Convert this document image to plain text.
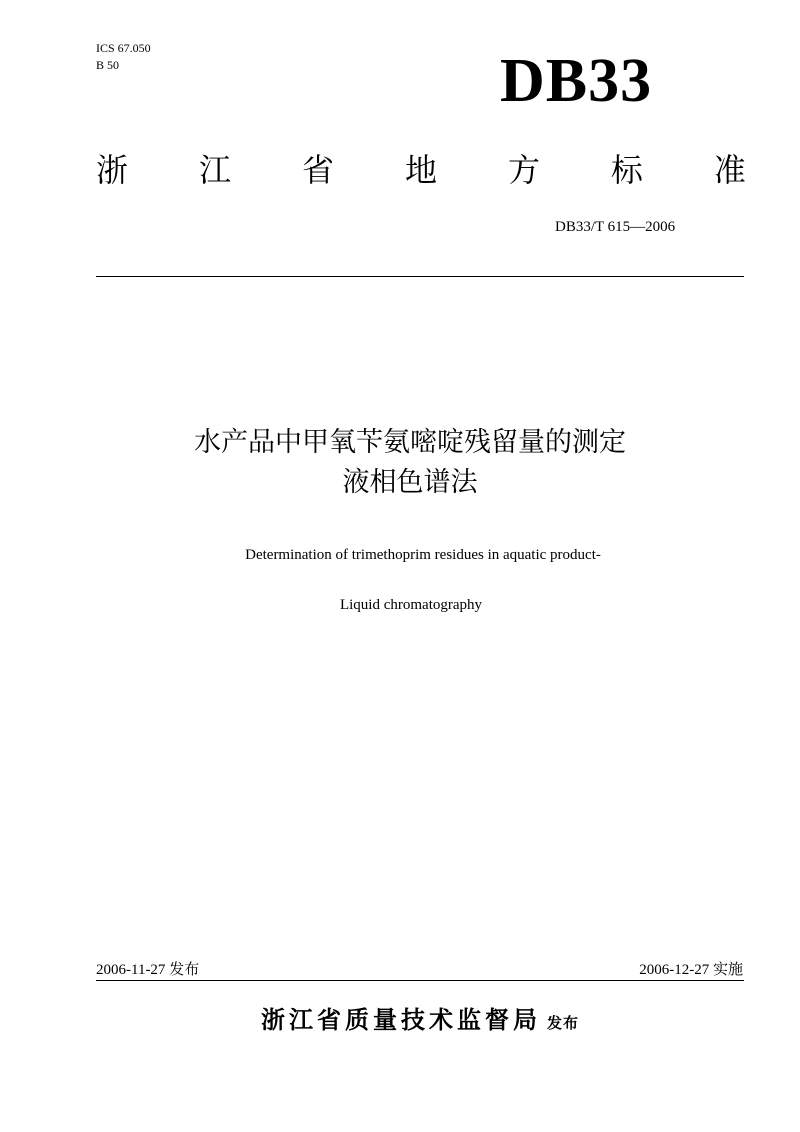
ICS 67.050
B 50	DB33
浙 江 省 地 方 标 准
DB33/T 615—2006
水产品中甲氧苄氨嘧啶残留量的测定
液相色谱法
Determination of trimethoprim residues in aquatic product-
Liquid chromatography
2006-11-27 发布	2006-12-27 实施
浙江省质量技术监督局 发布
